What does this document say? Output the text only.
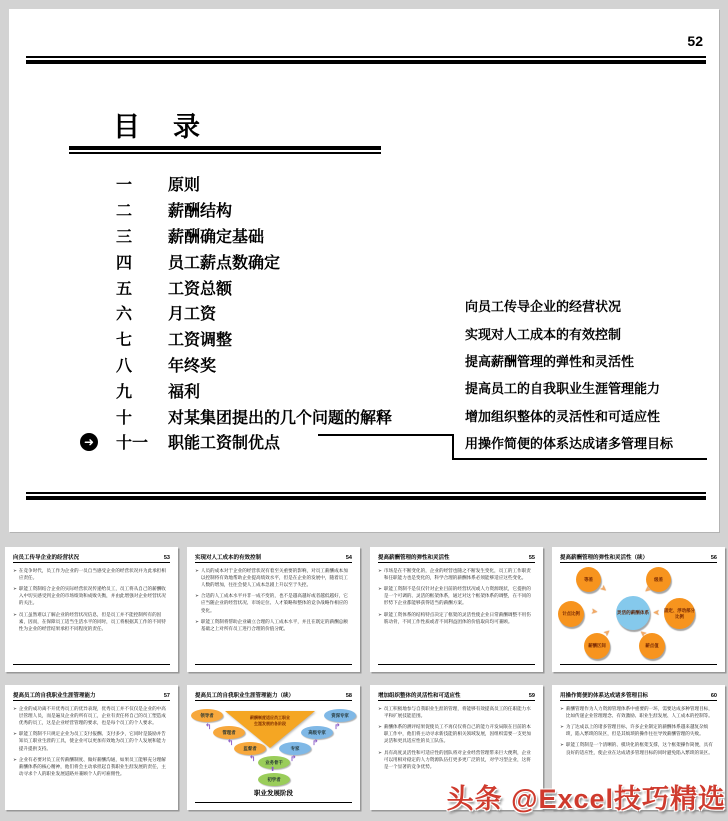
52
目　录
一	原则
二	薪酬结构
三	薪酬确定基础
四	员工薪点数确定
五	工资总额
六	月工资
七	工资调整
八	年终奖
九	福利
十	对某集团提出的几个问题的解释
十一	职能工资制优点
➜
向员工传导企业的经营状况
实现对人工成本的有效控制
提高薪酬管理的弹性和灵活性
提高员工的自我职业生涯管理能力
增加组织整体的灵活性和可适应性
用操作简便的体系达成诸多管理目标
向员工传导企业的经营状况	53
➢ 在竞争时代，员工作为企业的一员自当感受企业的经营状况并为此承担相应责任。
➢ 职能工资制结合企业的实际经营状况传递给员工，员工将从自己的薪酬收入中切实感受到企业的市场绩效和成败失衡，并由此增强对企业经营状况的关注。
➢ 员工虽然难以了解企业的经营状况信息，但是员工并不能控制所有的因素，因而，在保障员工适当生活水平的同时，员工将根据其工作的不同特性为企业的经营结果承担不同程度的责任。
实现对人工成本的有效控制	54
➢ 人员的成本对于企业的经营状况有着至关重要的影响，对员工薪酬成本加以控制将有效地帮助企业提高绩效水平，但是在企业的发展中，随着员工人数的增加，往往会使人工成本急剧上升以至于失控。
➢ 合适的人工成本水平并非一成不变的，也不是越高越好或者越低越好，它应当随企业的经营状况、市场定位、人才策略和整体的竞争战略作相应的变化。
➢ 职能工资制将帮助企业确立合理的人工成本水平，并且在既定的薪酬总额基础之上对所有员工进行合理的价值分配。
提高薪酬管理的弹性和灵活性	55
➢ 市场是在不断变化的，企业的经营也随之不断发生变化，员工的工作职责和任职能力也是变化的，科学合理的薪酬体系必须能够适应这些变化。
➢ 职能工资制不是仅仅针对企业目前的经营状况或人力资源现状，它提供的是一个可调的、灵活的框架体系，通过对这个框架体系的调整，在不同的形势下企业都能够获得适当的薪酬方案。
➢ 职能工资体系的结构特点决定了框架的灵活性使企业日常薪酬调整不用伤筋动骨，不同工作性质或者不同利益团体的价值取向均可兼顾。
提高薪酬管理的弹性和灵活性（续）	56
等差	级差
计点比例
固定、浮动部分比例
薪酬区间	薪点值
灵活的薪酬体系
➤	➤
➤	➤
➤	➤
提高员工的自我职业生涯管理能力	57
➢ 企业的成功离不开优秀员工的优异表现，优秀员工并不仅仅是企业的中高层管理人员，而是遍及企业的所有员工，企业有责任将自己的员工塑造成优秀的员工，这是企业经营管理的要求，也是每个员工的个人要求。
➢ 职能工资制不只规定企业为员工支付报酬、支付多少，它同时是鼓励并告知员工职业生涯的工具，使企业可以更加有效地为员工的个人发展和能力提升提供支持。
➢ 企业有必要对员工宣传薪酬制度、做好薪酬沟通，如果员工能够充分理解薪酬体系的核心精神，他们将会主动承担起自我职业生涯发展的责任，主动寻求个人的职业发展道路并兼顾个人的可雇佣性。
提高员工的自我职业生涯管理能力（续）	58
薪酬制度适应员工职业
生涯发展的各阶段
领导者
管理者
监督者
业务骨干
初学者
专家
高级专家
资深专家
↰
↰
↰
↱
↱
↱
⬆
职业发展阶段
增加组织整体的灵活性和可适应性	59
➢ 员工积极地参与自我职业生涯的管理，将能够有效提高员工的任职能力水平和扩展技能范围。
➢ 薪酬体系的测评结果促使员工不再仅仅将自己的能力开发局限在目前的本职工作中，他们将主动寻求新技能的相关领域发展，因组织需要一支更加灵活和更具适应性的员工队伍。
➢ 具有高度灵活性和可适应性的团队将对企业经营管理带来巨大便利，企业可以用相对稳定的人力资源队伍打更多更广泛的仗，对学习型企业，这将是一个显著的竞争优势。
用操作简便的体系达成诸多管理目标	60
➢ 薪酬管理作为人力资源管理体系中重要的一环，需要达成多种管理目标，比如传递企业管理理念、有效激励、职业生涯发展、人工成本的控制等。
➢ 为了达成以上的诸多管理目标，许多企业制定的薪酬体系越来越复杂烦琐，陷入繁琐的误区，但是其烦琐的操作往往导致薪酬管理的失败。
➢ 职能工资制是一个清晰的、模块化的框架支撑，这个框架操作简便，具有良好的适应性，使企业在达成诸多管理目标的同时避免陷入繁琐的误区。
头条 @Excel技巧精选
